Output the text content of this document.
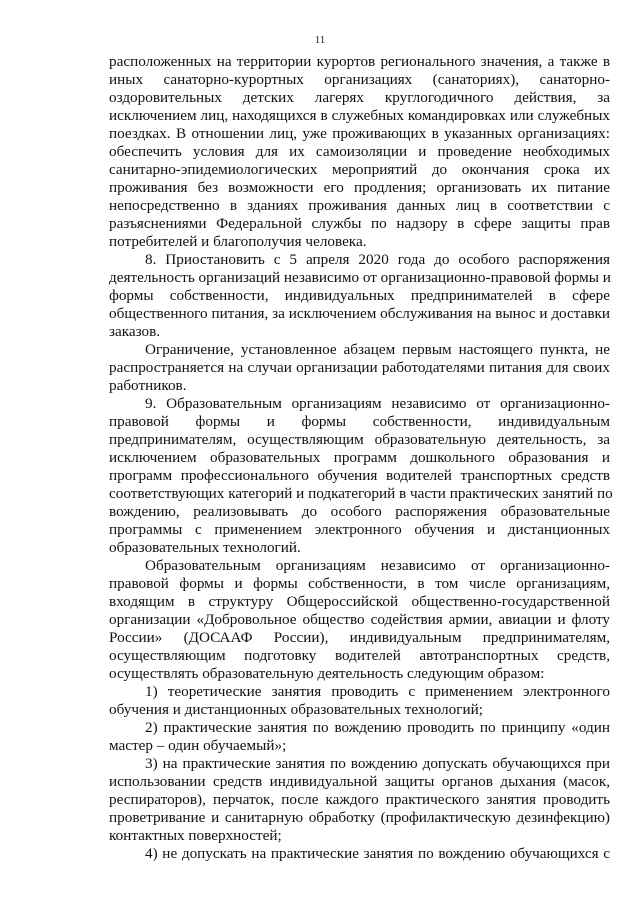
11
расположенных на территории курортов регионального значения, а также в
иных санаторно-курортных организациях (санаториях), санаторно-
оздоровительных детских лагерях круглогодичного действия, за
исключением лиц, находящихся в служебных командировках или служебных
поездках. В отношении лиц, уже проживающих в указанных организациях:
обеспечить условия для их самоизоляции и проведение необходимых
санитарно-эпидемиологических мероприятий до окончания срока их
проживания без возможности его продления; организовать их питание
непосредственно в зданиях проживания данных лиц в соответствии с
разъяснениями Федеральной службы по надзору в сфере защиты прав
потребителей и благополучия человека.
8. Приостановить с 5 апреля 2020 года до особого распоряжения
деятельность организаций независимо от организационно-правовой формы и
формы собственности, индивидуальных предпринимателей в сфере
общественного питания, за исключением обслуживания на вынос и доставки
заказов.
Ограничение, установленное абзацем первым настоящего пункта, не
распространяется на случаи организации работодателями питания для своих
работников.
9. Образовательным организациям независимо от организационно-
правовой формы и формы собственности, индивидуальным
предпринимателям, осуществляющим образовательную деятельность, за
исключением образовательных программ дошкольного образования и
программ профессионального обучения водителей транспортных средств
соответствующих категорий и подкатегорий в части практических занятий по
вождению, реализовывать до особого распоряжения образовательные
программы с применением электронного обучения и дистанционных
образовательных технологий.
Образовательным организациям независимо от организационно-
правовой формы и формы собственности, в том числе организациям,
входящим в структуру Общероссийской общественно-государственной
организации «Добровольное общество содействия армии, авиации и флоту
России» (ДОСААФ России), индивидуальным предпринимателям,
осуществляющим подготовку водителей автотранспортных средств,
осуществлять образовательную деятельность следующим образом:
1) теоретические занятия проводить с применением электронного
обучения и дистанционных образовательных технологий;
2) практические занятия по вождению проводить по принципу «один
мастер – один обучаемый»;
3) на практические занятия по вождению допускать обучающихся при
использовании средств индивидуальной защиты органов дыхания (масок,
респираторов), перчаток, после каждого практического занятия проводить
проветривание и санитарную обработку (профилактическую дезинфекцию)
контактных поверхностей;
4) не допускать на практические занятия по вождению обучающихся с
